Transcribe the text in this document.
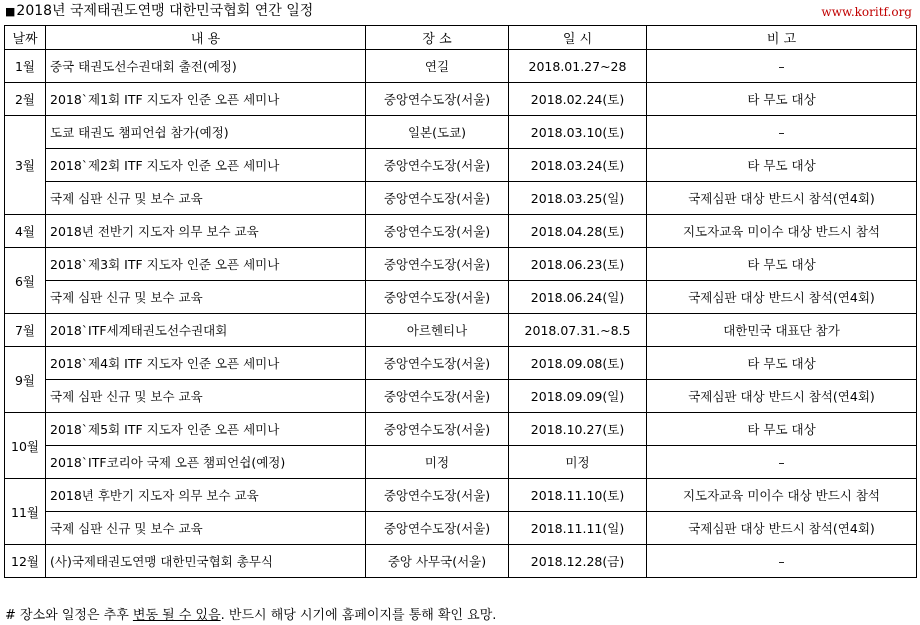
■2018년 국제태권도연맹 대한민국협회 연간 일정	www.koritf.org
날짜	내 용	장 소	일 시	비 고
1월	중국 태권도선수권대회 출전(예정)	연길	2018.01.27~28	–
2월	2018`제1회 ITF 지도자 인준 오픈 세미나	중앙연수도장(서울)	2018.02.24(토)	타 무도 대상
3월	도쿄 태권도 챔피언쉽 참가(예정)	일본(도쿄)	2018.03.10(토)	–
	2018`제2회 ITF 지도자 인준 오픈 세미나	중앙연수도장(서울)	2018.03.24(토)	타 무도 대상
	국제 심판 신규 및 보수 교육	중앙연수도장(서울)	2018.03.25(일)	국제심판 대상 반드시 참석(연4회)
4월	2018년 전반기 지도자 의무 보수 교육	중앙연수도장(서울)	2018.04.28(토)	지도자교육 미이수 대상 반드시 참석
6월	2018`제3회 ITF 지도자 인준 오픈 세미나	중앙연수도장(서울)	2018.06.23(토)	타 무도 대상
	국제 심판 신규 및 보수 교육	중앙연수도장(서울)	2018.06.24(일)	국제심판 대상 반드시 참석(연4회)
7월	2018`ITF세계태권도선수권대회	아르헨티나	2018.07.31.~8.5	대한민국 대표단 참가
9월	2018`제4회 ITF 지도자 인준 오픈 세미나	중앙연수도장(서울)	2018.09.08(토)	타 무도 대상
	국제 심판 신규 및 보수 교육	중앙연수도장(서울)	2018.09.09(일)	국제심판 대상 반드시 참석(연4회)
10월	2018`제5회 ITF 지도자 인준 오픈 세미나	중앙연수도장(서울)	2018.10.27(토)	타 무도 대상
	2018`ITF코리아 국제 오픈 챔피언쉽(예정)	미정	미정	–
11월	2018년 후반기 지도자 의무 보수 교육	중앙연수도장(서울)	2018.11.10(토)	지도자교육 미이수 대상 반드시 참석
	국제 심판 신규 및 보수 교육	중앙연수도장(서울)	2018.11.11(일)	국제심판 대상 반드시 참석(연4회)
12월	(사)국제태권도연맹 대한민국협회 총무식	중앙 사무국(서울)	2018.12.28(금)	–
# 장소와 일정은 추후 변동 될 수 있음. 반드시 해당 시기에 홈페이지를 통해 확인 요망.
